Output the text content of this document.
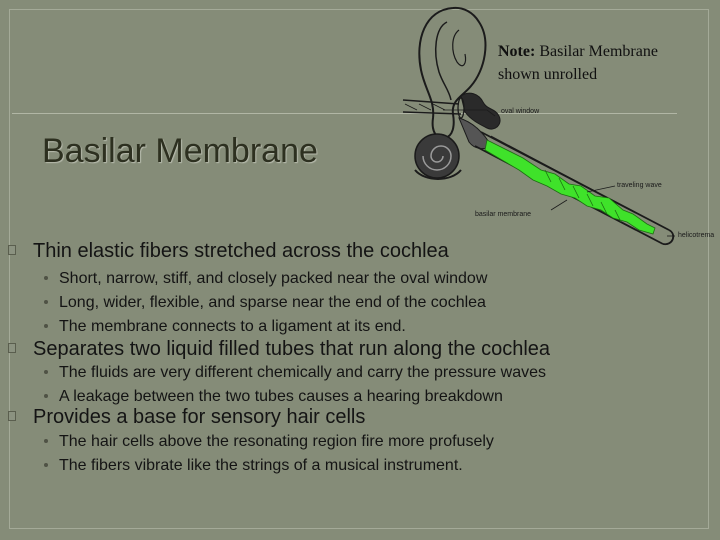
oval window
traveling wave
basilar membrane
helicotrema
Note: Basilar Membrane
shown unrolled
Basilar Membrane
Thin elastic fibers stretched across the cochlea
Short, narrow, stiff, and closely packed near the oval window
Long, wider, flexible, and sparse near the end of the cochlea
The membrane connects to a ligament at its end.
Separates two liquid filled tubes that run along the cochlea
The fluids are very different chemically and carry the pressure waves
A leakage between the two tubes causes a hearing breakdown
Provides a base for sensory hair cells
The hair cells above the resonating region fire more profusely
The fibers vibrate like the strings of a musical instrument.
